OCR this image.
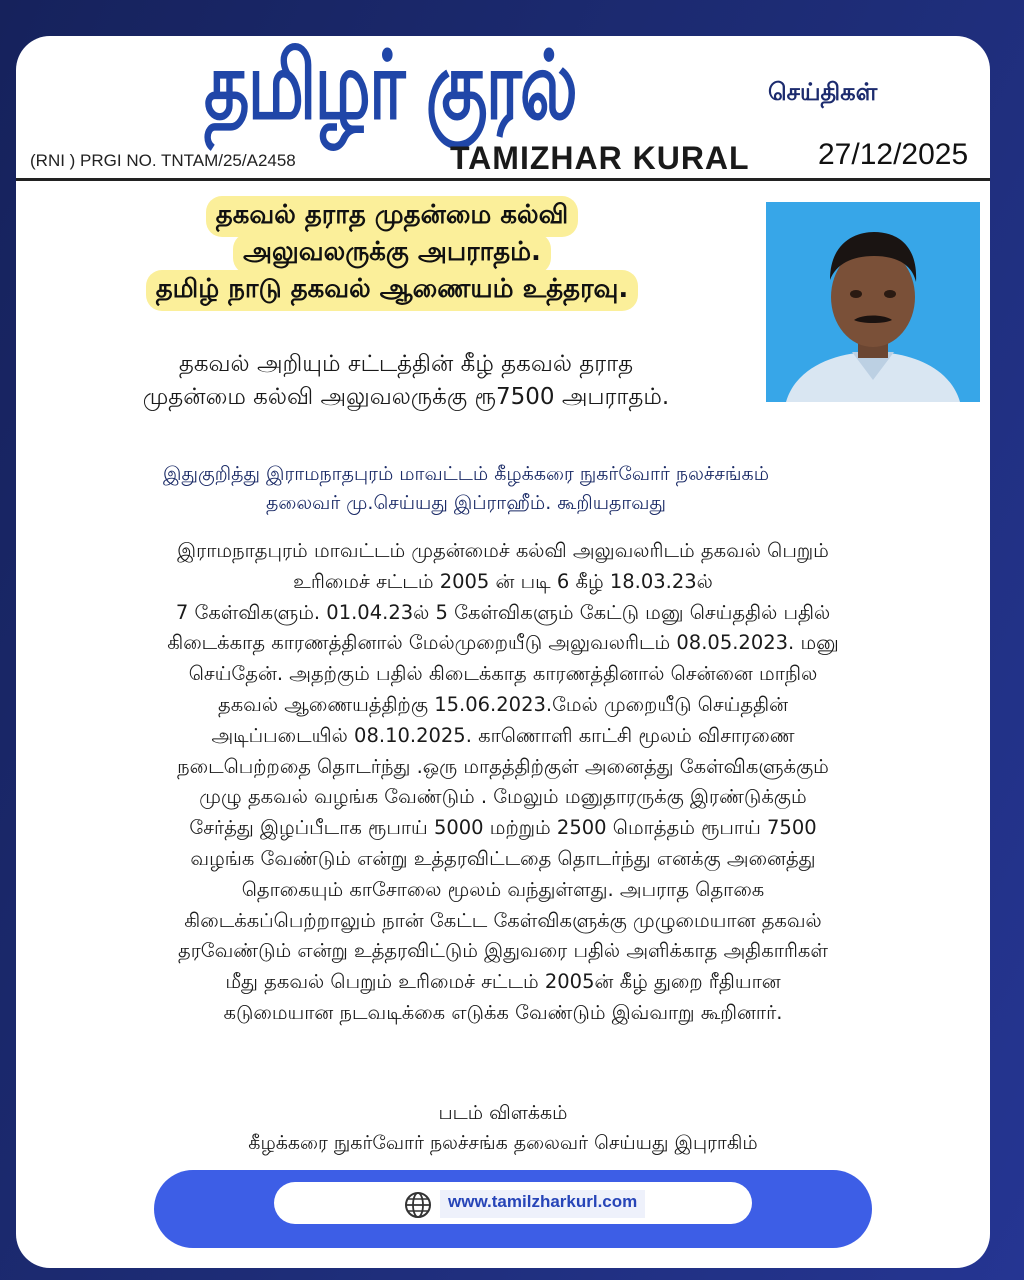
தமிழர் குரல்	செய்திகள்
(RNI ) PRGI NO. TNTAM/25/A2458	TAMIZHAR KURAL 27/12/2025
தகவல் தராத முதன்மை கல்வி
அலுவலருக்கு அபராதம்.
தமிழ் நாடு தகவல் ஆணையம் உத்தரவு.
தகவல் அறியும் சட்டத்தின் கீழ் தகவல் தராத
முதன்மை கல்வி அலுவலருக்கு ரூ7500 அபராதம்.
இதுகுறித்து இராமநாதபுரம் மாவட்டம் கீழக்கரை நுகர்வோர் நலச்சங்கம்
தலைவர் மு.செய்யது இப்ராஹீம். கூறியதாவது
இராமநாதபுரம் மாவட்டம் முதன்மைச் கல்வி அலுவலரிடம் தகவல் பெறும்
உரிமைச் சட்டம் 2005 ன் படி 6 கீழ் 18.03.23ல்
7 கேள்விகளும். 01.04.23ல் 5 கேள்விகளும் கேட்டு மனு செய்ததில் பதில்
கிடைக்காத காரணத்தினால் மேல்முறையீடு அலுவலரிடம் 08.05.2023. மனு
செய்தேன். அதற்கும் பதில் கிடைக்காத காரணத்தினால் சென்னை மாநில
தகவல் ஆணையத்திற்கு 15.06.2023.மேல் முறையீடு செய்ததின்
அடிப்படையில் 08.10.2025. காணொளி காட்சி மூலம் விசாரணை
நடைபெற்றதை தொடர்ந்து .ஒரு மாதத்திற்குள் அனைத்து கேள்விகளுக்கும்
முழு தகவல் வழங்க வேண்டும் . மேலும் மனுதாரருக்கு இரண்டுக்கும்
சேர்த்து இழப்பீடாக ரூபாய் 5000 மற்றும் 2500 மொத்தம் ரூபாய் 7500
வழங்க வேண்டும் என்று உத்தரவிட்டதை தொடர்ந்து எனக்கு அனைத்து
தொகையும் காசோலை மூலம் வந்துள்ளது. அபராத தொகை
கிடைக்கப்பெற்றாலும் நான் கேட்ட கேள்விகளுக்கு முழுமையான தகவல்
தரவேண்டும் என்று உத்தரவிட்டும் இதுவரை பதில் அளிக்காத அதிகாரிகள்
மீது தகவல் பெறும் உரிமைச் சட்டம் 2005ன் கீழ் துறை ரீதியான
கடுமையான நடவடிக்கை எடுக்க வேண்டும் இவ்வாறு கூறினார்.
படம் விளக்கம்
கீழக்கரை நுகர்வோர் நலச்சங்க தலைவர் செய்யது இபுராகிம்
www.tamilzharkurl.com
